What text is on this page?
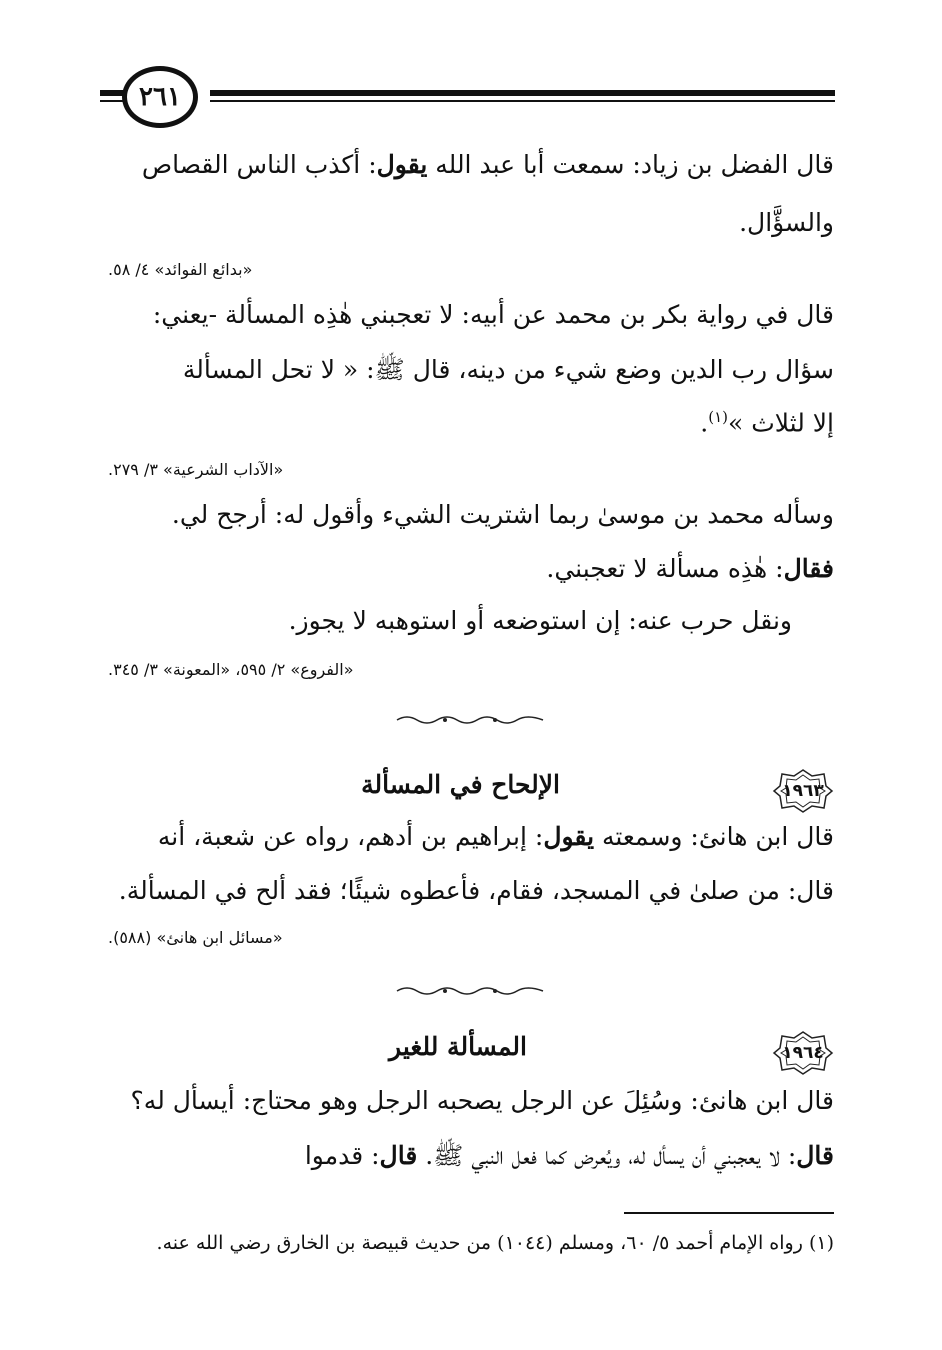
٢٦١
قال الفضل بن زياد: سمعت أبا عبد الله يقول: أكذب الناس القصاص
والسؤَّال.
«بدائع الفوائد» ٤/ ٥٨.
قال في رواية بكر بن محمد عن أبيه: لا تعجبني هٰذِه المسألة -يعني:
سؤال رب الدين وضع شيء من دينه، قال ﷺ: « لا تحل المسألة
إلا لثلاث »$^{(١)}$.
«الآداب الشرعية» ٣/ ٢٧٩.
وسأله محمد بن موسىٰ ربما اشتريت الشيء وأقول له: أرجح لي.
فقال: هٰذِه مسألة لا تعجبني.
ونقل حرب عنه: إن استوضعه أو استوهبه لا يجوز.
«الفروع» ٢/ ٥٩٥، «المعونة» ٣/ ٣٤٥.
١٩٦٣
الإلحاح في المسألة
قال ابن هانئ: وسمعته يقول: إبراهيم بن أدهم، رواه عن شعبة، أنه
قال: من صلىٰ في المسجد، فقام، فأعطوه شيئًا؛ فقد ألح في المسألة.
«مسائل ابن هانئ» (٥٨٨).
١٩٦٤
المسألة للغير
قال ابن هانئ: وسُئِلَ عن الرجل يصحبه الرجل وهو محتاج: أيسأل له؟
قال: لا يعجبني أن يسأل له، ويُعرض كما فعل النبي ﷺ. قال: قدموا
(١) رواه الإمام أحمد ٥/ ٦٠، ومسلم (١٠٤٤) من حديث قبيصة بن الخارق رضي الله عنه.
